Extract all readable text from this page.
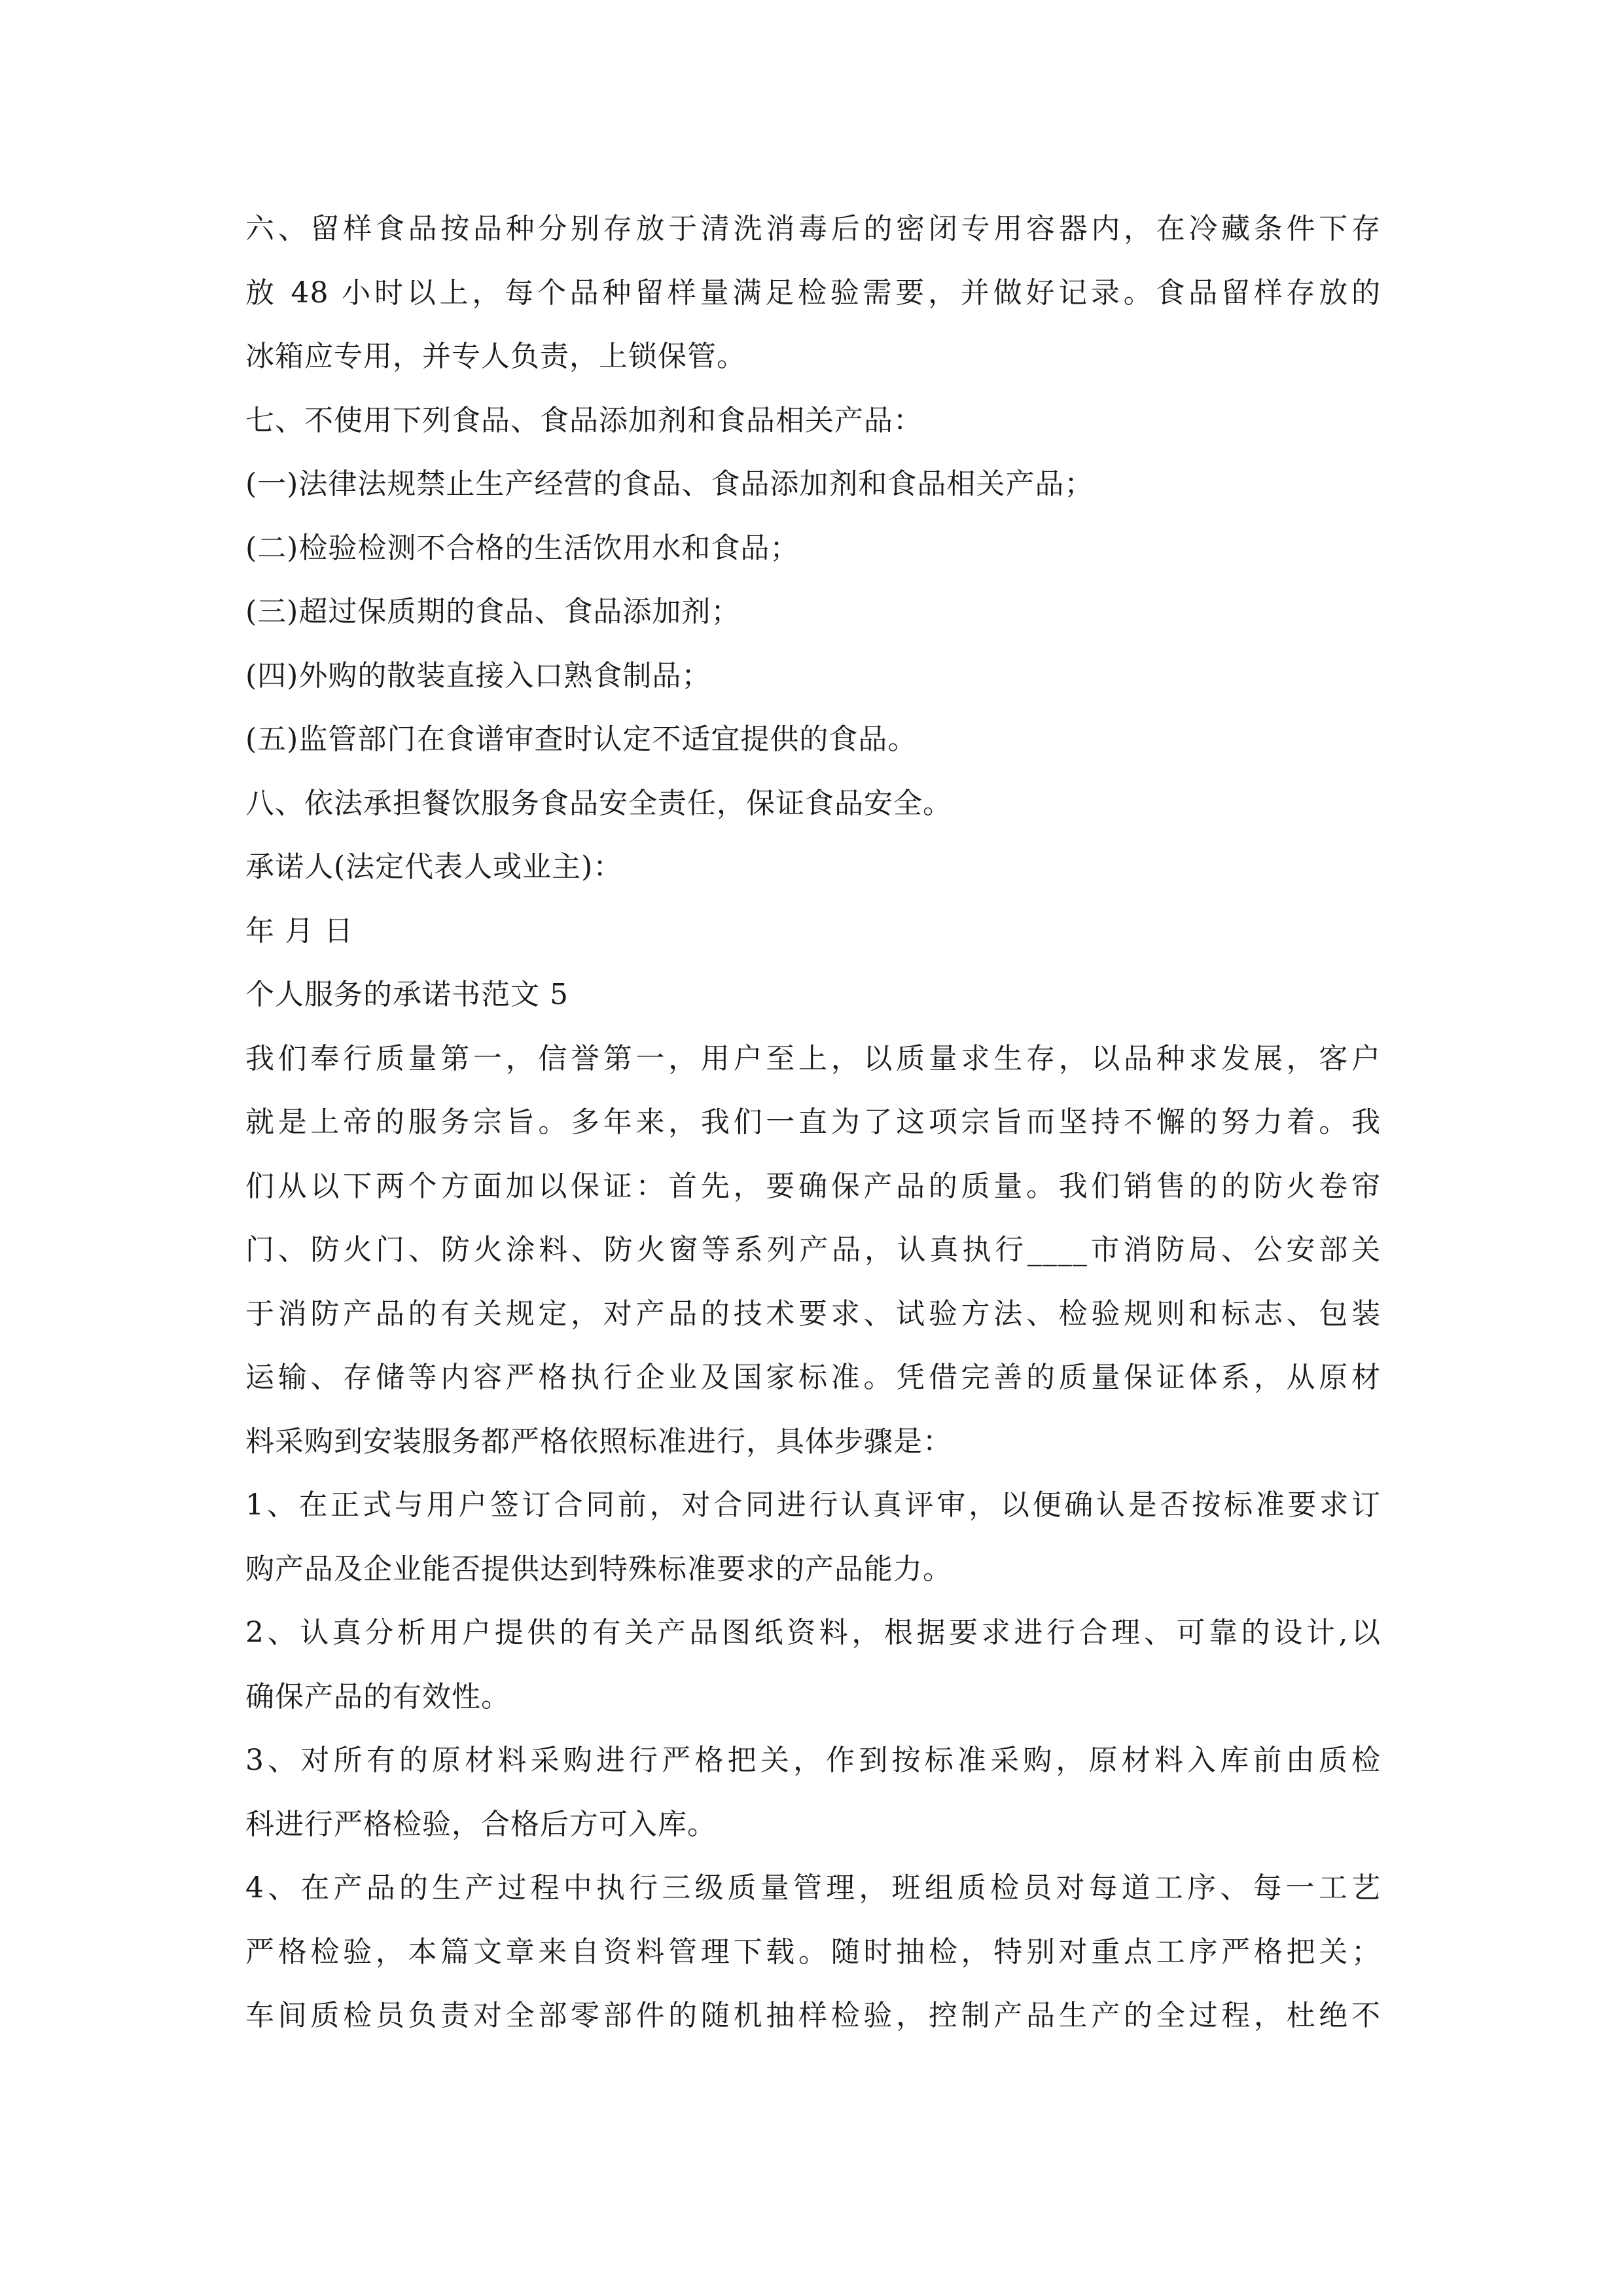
六、留样食品按品种分别存放于清洗消毒后的密闭专用容器内，在冷藏条件下存
放 48 小时以上，每个品种留样量满足检验需要，并做好记录。食品留样存放的
冰箱应专用，并专人负责，上锁保管。
七、不使用下列食品、食品添加剂和食品相关产品：
(一)法律法规禁止生产经营的食品、食品添加剂和食品相关产品；
(二)检验检测不合格的生活饮用水和食品；
(三)超过保质期的食品、食品添加剂；
(四)外购的散装直接入口熟食制品；
(五)监管部门在食谱审查时认定不适宜提供的食品。
八、依法承担餐饮服务食品安全责任，保证食品安全。
承诺人(法定代表人或业主)：
年 月 日
个人服务的承诺书范文 5
我们奉行质量第一，信誉第一，用户至上，以质量求生存，以品种求发展，客户
就是上帝的服务宗旨。多年来，我们一直为了这项宗旨而坚持不懈的努力着。我
们从以下两个方面加以保证：首先，要确保产品的质量。我们销售的的防火卷帘
门、防火门、防火涂料、防火窗等系列产品，认真执行____市消防局、公安部关
于消防产品的有关规定，对产品的技术要求、试验方法、检验规则和标志、包装
运输、存储等内容严格执行企业及国家标准。凭借完善的质量保证体系，从原材
料采购到安装服务都严格依照标准进行，具体步骤是：
1、在正式与用户签订合同前，对合同进行认真评审，以便确认是否按标准要求订
购产品及企业能否提供达到特殊标准要求的产品能力。
2、认真分析用户提供的有关产品图纸资料，根据要求进行合理、可靠的设计,以
确保产品的有效性。
3、对所有的原材料采购进行严格把关，作到按标准采购，原材料入库前由质检
科进行严格检验，合格后方可入库。
4、在产品的生产过程中执行三级质量管理，班组质检员对每道工序、每一工艺
严格检验，本篇文章来自资料管理下载。随时抽检，特别对重点工序严格把关；
车间质检员负责对全部零部件的随机抽样检验，控制产品生产的全过程，杜绝不
